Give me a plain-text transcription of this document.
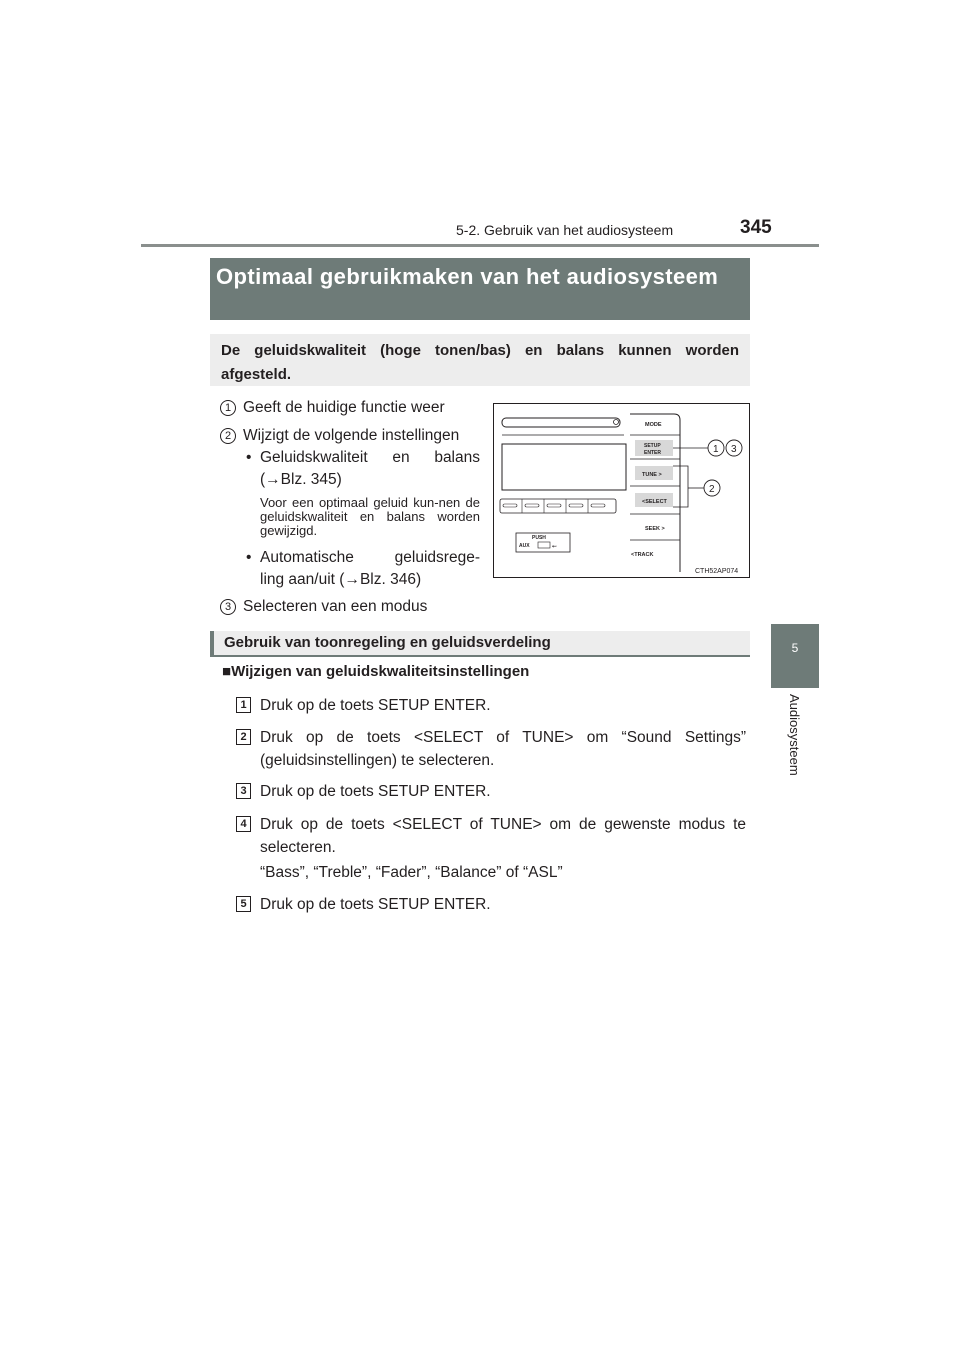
5-2. Gebruik van het audiosysteem	345
5
Audiosysteem
Optimaal gebruikmaken van het audiosysteem
De geluidskwaliteit (hoge tonen/bas) en balans kunnen worden afgesteld.
1 Geeft de huidige functie weer
2 Wijzigt de volgende instellingen
• Geluidskwaliteit en balans
(→Blz. 345)
Voor een optimaal geluid kun-nen de geluidskwaliteit en balans worden gewijzigd.
• Automatische geluidsrege-
ling aan/uit (→Blz. 346)
3 Selecteren van een modus
PUSH
AUX	⇜
MODE
SETUP
ENTER
TUNE >
<SELECT
SEEK >
<TRACK
1 3
2
CTH52AP074
Gebruik van toonregeling en geluidsverdeling
■Wijzigen van geluidskwaliteitsinstellingen
1 Druk op de toets SETUP ENTER.
2 Druk op de toets <SELECT of TUNE> om “Sound Settings” (geluidsinstellingen) te selecteren.
3 Druk op de toets SETUP ENTER.
4 Druk op de toets <SELECT of TUNE> om de gewenste modus te selecteren.
“Bass”, “Treble”, “Fader”, “Balance” of “ASL”
5 Druk op de toets SETUP ENTER.
